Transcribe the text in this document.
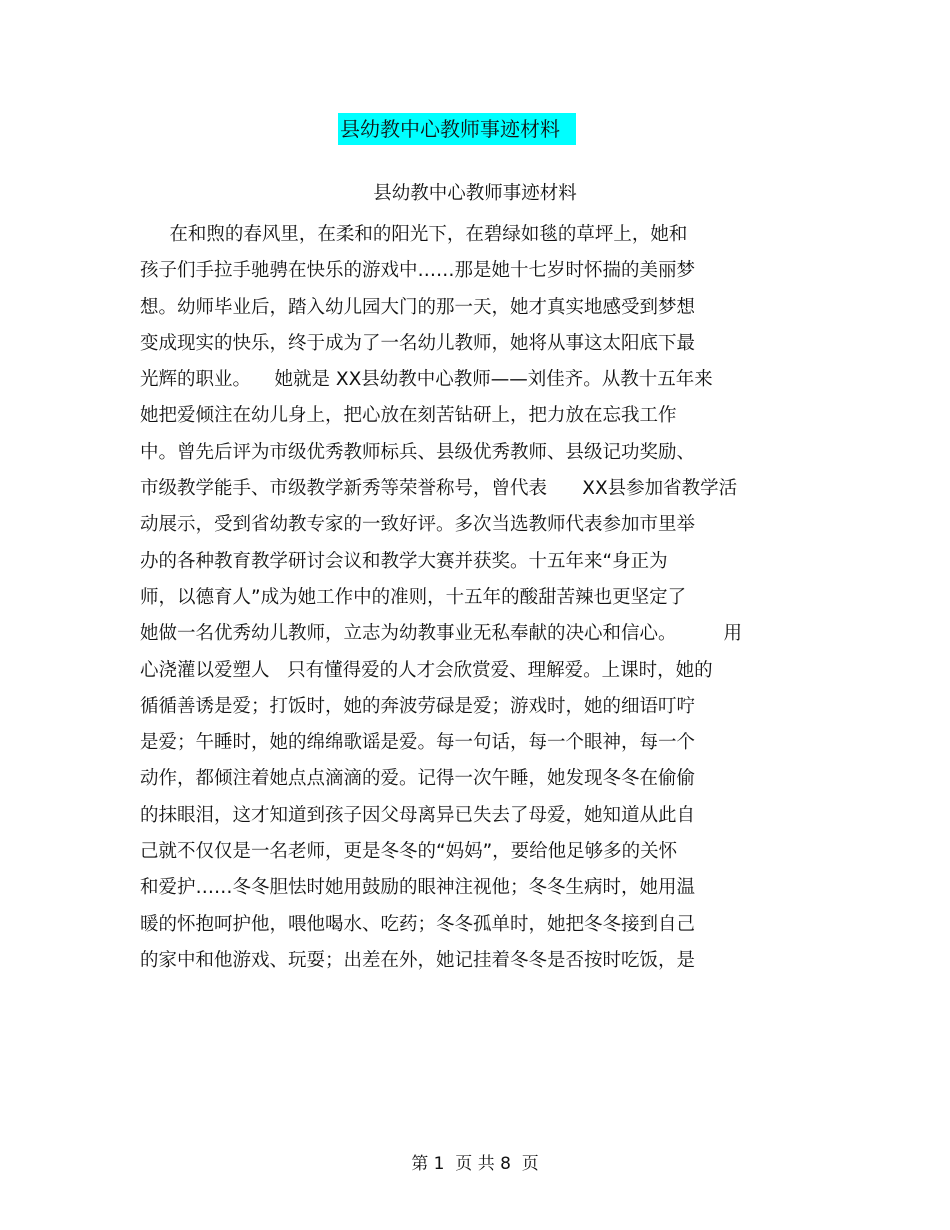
县幼教中心教师事迹材料
县幼教中心教师事迹材料
在和煦的春风里，在柔和的阳光下，在碧绿如毯的草坪上，她和
孩子们手拉手驰骋在快乐的游戏中……那是她十七岁时怀揣的美丽梦
想。幼师毕业后，踏入幼儿园大门的那一天，她才真实地感受到梦想
变成现实的快乐，终于成为了一名幼儿教师，她将从事这太阳底下最
光辉的职业。    她就是 XX县幼教中心教师——刘佳齐。从教十五年来
她把爱倾注在幼儿身上，把心放在刻苦钻研上，把力放在忘我工作
中。曾先后评为市级优秀教师标兵、县级优秀教师、县级记功奖励、
市级教学能手、市级教学新秀等荣誉称号，曾代表      XX县参加省教学活
动展示，受到省幼教专家的一致好评。多次当选教师代表参加市里举
办的各种教育教学研讨会议和教学大赛并获奖。十五年来“身正为
师，以德育人”成为她工作中的准则，十五年的酸甜苦辣也更坚定了
她做一名优秀幼儿教师，立志为幼教事业无私奉献的决心和信心。        用
心浇灌以爱塑人   只有懂得爱的人才会欣赏爱、理解爱。上课时，她的
循循善诱是爱；打饭时，她的奔波劳碌是爱；游戏时，她的细语叮咛
是爱；午睡时，她的绵绵歌谣是爱。每一句话，每一个眼神，每一个
动作，都倾注着她点点滴滴的爱。记得一次午睡，她发现冬冬在偷偷
的抹眼泪，这才知道到孩子因父母离异已失去了母爱，她知道从此自
己就不仅仅是一名老师，更是冬冬的“妈妈”，要给他足够多的关怀
和爱护……冬冬胆怯时她用鼓励的眼神注视他；冬冬生病时，她用温
暖的怀抱呵护他，喂他喝水、吃药；冬冬孤单时，她把冬冬接到自己
的家中和他游戏、玩耍；出差在外，她记挂着冬冬是否按时吃饭，是
第 1  页 共 8  页
